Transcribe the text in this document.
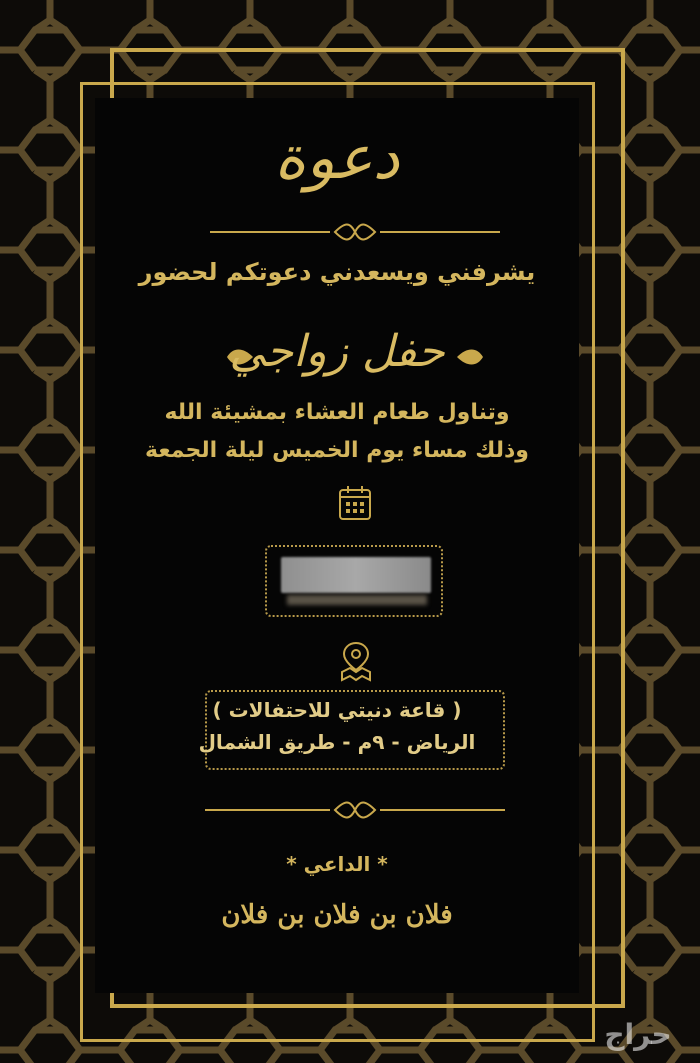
دعوة
يشرفني ويسعدني دعوتكم لحضور
حفل زواجي
وتناول طعام العشاء بمشيئة الله
وذلك مساء يوم الخميس ليلة الجمعة
( قاعة دنيتي للاحتفالات )
الرياض - ٩م - طريق الشمال
* الداعي *
فلان بن فلان بن فلان
حراج
